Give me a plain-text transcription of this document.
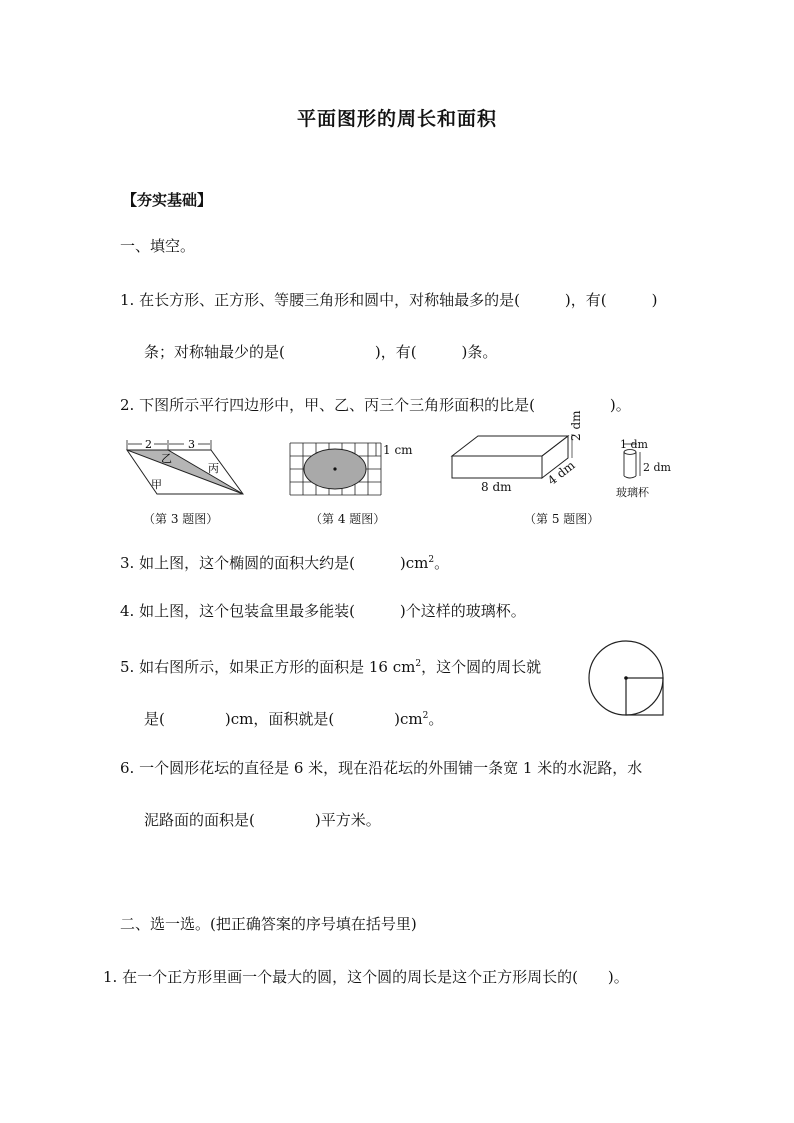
平面图形的周长和面积
【夯实基础】
一、填空。
1. 在长方形、正方形、等腰三角形和圆中，对称轴最多的是(　　　)，有(　　　)
条；对称轴最少的是(　　　　　　)，有(　　　)条。
2. 下图所示平行四边形中，甲、乙、丙三个三角形面积的比是(　　　　　)。
2	3
乙
丙
甲
（第 3 题图）
1 cm
（第 4 题图）
8 dm	4 dm
2 dm
（第 5 题图）
1 dm
2 dm
玻璃杯
3. 如上图，这个椭圆的面积大约是(　　　)$cm^2$。
4. 如上图，这个包装盒里最多能装(　　　)个这样的玻璃杯。
5. 如右图所示，如果正方形的面积是 16 $cm^2$，这个圆的周长就
是(　　　　)cm，面积就是(　　　　)$cm^2$。
6. 一个圆形花坛的直径是 6 米，现在沿花坛的外围铺一条宽 1 米的水泥路，水
泥路面的面积是(　　　　)平方米。
二、选一选。(把正确答案的序号填在括号里)
1. 在一个正方形里画一个最大的圆，这个圆的周长是这个正方形周长的(　　)。
